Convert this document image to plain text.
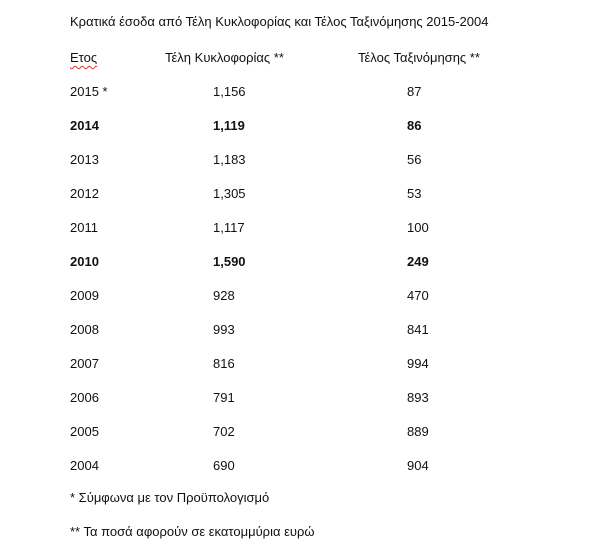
Κρατικά έσοδα από Τέλη Κυκλοφορίας και Τέλος Ταξινόμησης 2015-2004
Ετος	Τέλη Κυκλοφορίας **	Τέλος Ταξινόμησης **
2015 *	1,156	87
2014	1,119	86
2013	1,183	56
2012	1,305	53
2011	1,117	100
2010	1,590	249
2009	928	470
2008	993	841
2007	816	994
2006	791	893
2005	702	889
2004	690	904
* Σύμφωνα με τον Προϋπολογισμό
** Τα ποσά αφορούν σε εκατομμύρια ευρώ
